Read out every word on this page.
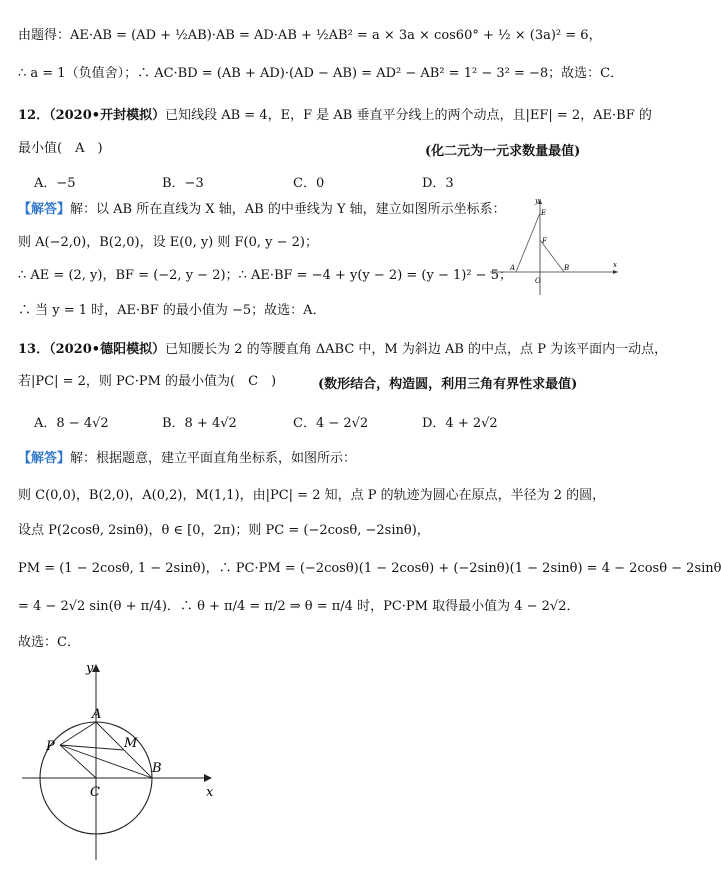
由题得：AE·AB = (AD + ½AB)·AB = AD·AB + ½AB² = a × 3a × cos60° + ½ × (3a)² = 6，
∴ a = 1（负值舍）；∴ AC·BD = (AB + AD)·(AD − AB) = AD² − AB² = 1² − 3² = −8；故选：C．
12．（2020•开封模拟）已知线段 AB = 4，E，F 是 AB 垂直平分线上的两个动点，且|EF| = 2，AE·BF 的
最小值(　A　)	(化二元为一元求数量最值)
A．−5	B．−3	C．0	D．3
【解答】解：以 AB 所在直线为 X 轴，AB 的中垂线为 Y 轴，建立如图所示坐标系：
则 A(−2,0)，B(2,0)，设 E(0, y) 则 F(0, y − 2)；
∴ AE = (2, y)，BF = (−2, y − 2)；∴ AE·BF = −4 + y(y − 2) = (y − 1)² − 5；
∴ 当 y = 1 时，AE·BF 的最小值为 −5；故选：A．
y
x
E
F
A
O
B
13．（2020•德阳模拟）已知腰长为 2 的等腰直角 ΔABC 中，M 为斜边 AB 的中点，点 P 为该平面内一动点，
若|PC| = 2，则 PC·PM 的最小值为(　C　)	(数形结合，构造圆，利用三角有界性求最值)
A．8 − 4√2	B．8 + 4√2	C．4 − 2√2	D．4 + 2√2
【解答】解：根据题意，建立平面直角坐标系，如图所示：
则 C(0,0)，B(2,0)，A(0,2)，M(1,1)，由|PC| = 2 知，点 P 的轨迹为圆心在原点，半径为 2 的圆，
设点 P(2cosθ, 2sinθ)，θ ∈ [0，2π)；则 PC = (−2cosθ, −2sinθ)，
PM = (1 − 2cosθ, 1 − 2sinθ)，∴ PC·PM = (−2cosθ)(1 − 2cosθ) + (−2sinθ)(1 − 2sinθ) = 4 − 2cosθ − 2sinθ
= 4 − 2√2 sin(θ + π/4)．∴ θ + π/4 = π/2 ⇒ θ = π/4 时，PC·PM 取得最小值为 4 − 2√2．
故选：C．
y
x
A
P	M
B
C
